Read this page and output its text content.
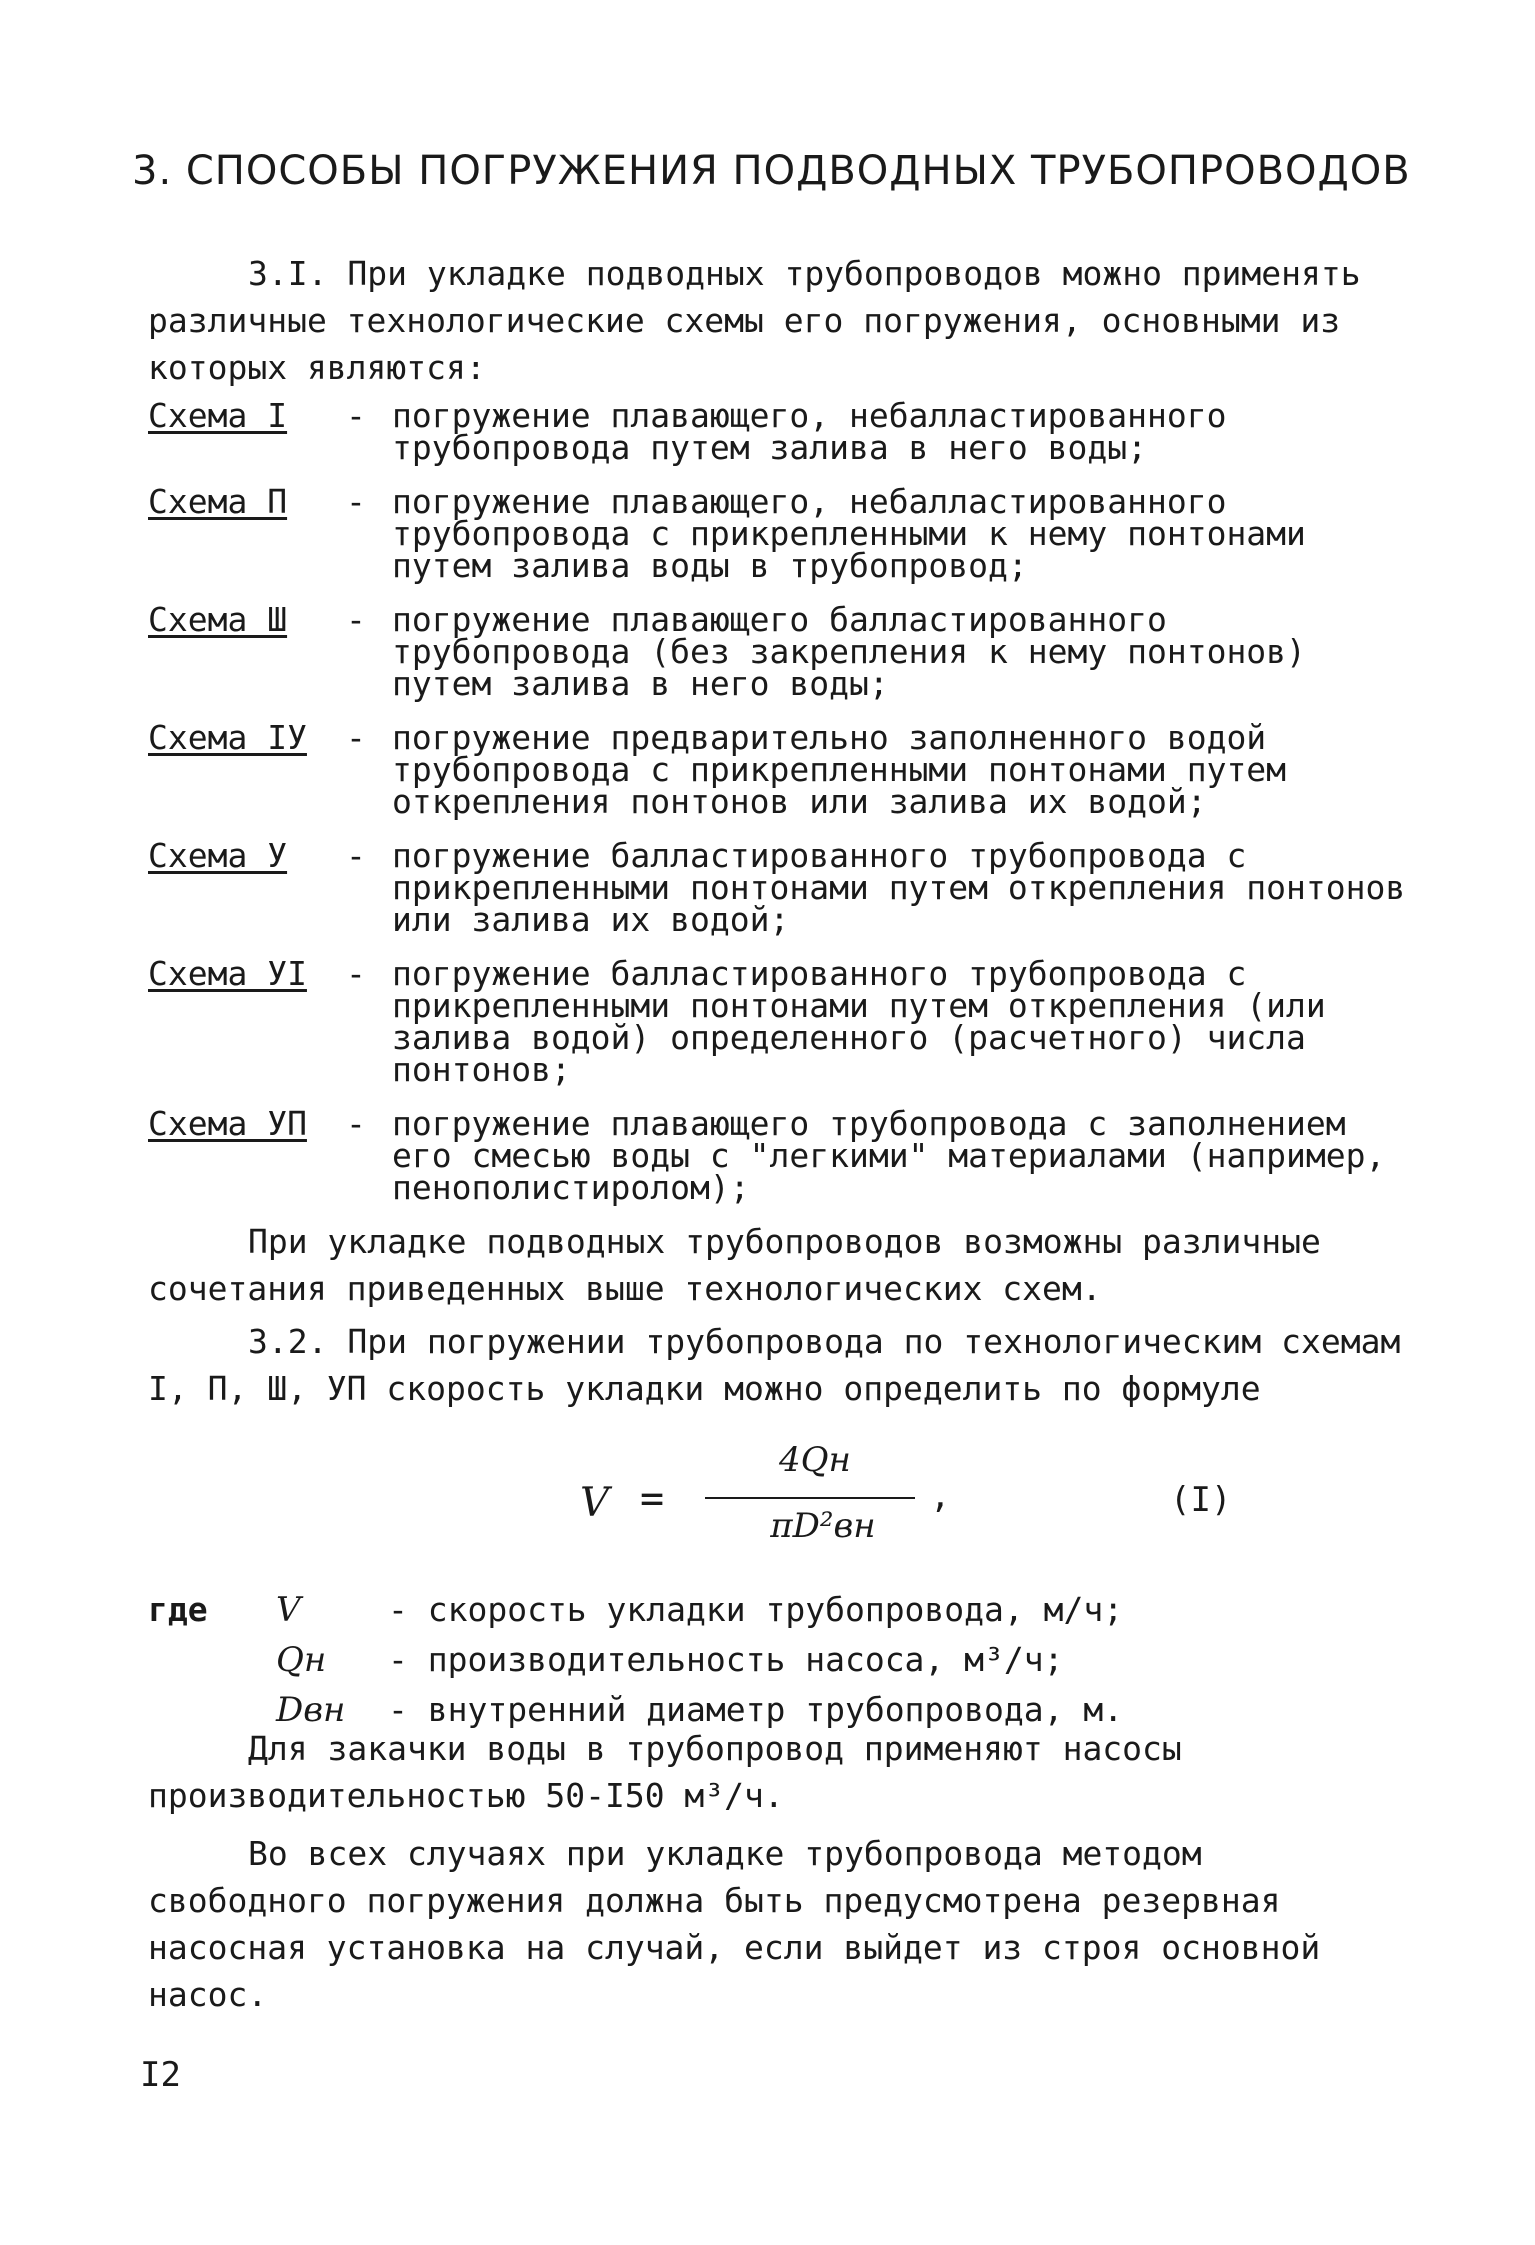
3. СПОСОБЫ ПОГРУЖЕНИЯ ПОДВОДНЫХ ТРУБОПРОВОДОВ

3.I. При укладке подводных трубопроводов можно применять различные технологические схемы его погружения, основными из которых являются:

Схема I - погружение плавающего, небалластированного трубопровода путем залива в него воды;
Схема П - погружение плавающего, небалластированного трубопровода с прикрепленными к нему понтонами путем залива воды в трубопровод;
Схема Ш - погружение плавающего балластированного трубопровода (без закрепления к нему понтонов) путем залива в него воды;
Схема IУ - погружение предварительно заполненного водой трубопровода с прикрепленными понтонами путем открепления понтонов или залива их водой;
Схема У - погружение балластированного трубопровода с прикрепленными понтонами путем открепления понтонов или залива их водой;
Схема УI - погружение балластированного трубопровода с прикрепленными понтонами путем открепления (или залива водой) определенного (расчетного) числа понтонов;
Схема УП - погружение плавающего трубопровода с заполнением его смесью воды с "легкими" материалами (например, пенополистиролом);

При укладке подводных трубопроводов возможны различные сочетания приведенных выше технологических схем.

3.2. При погружении трубопровода по технологическим схемам I, П, Ш, УП скорость укладки можно определить по формуле

V =
4Qн
πD²вн
,	(I)
где V	- скорость укладки трубопровода, м/ч;
Qн - производительность насоса, м³/ч;
Dвн - внутренний диаметр трубопровода, м.

Для закачки воды в трубопровод применяют насосы производительностью 50-I50 м³/ч.

Во всех случаях при укладке трубопровода методом свободного погружения должна быть предусмотрена резервная насосная установка на случай, если выйдет из строя основной насос.

I2
